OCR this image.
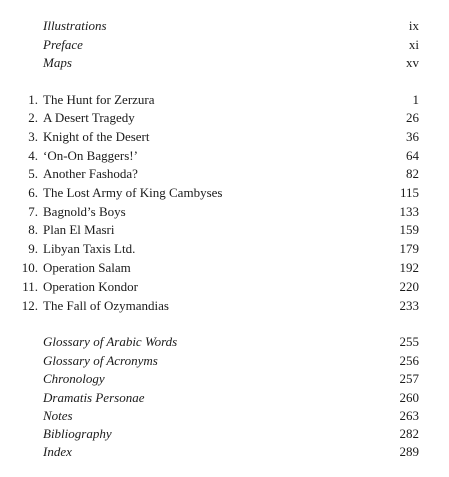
Illustrations	ix
Preface	xi
Maps	xv
1. The Hunt for Zerzura	1
2. A Desert Tragedy	26
3. Knight of the Desert	36
4. ‘On-On Baggers!’	64
5. Another Fashoda?	82
6. The Lost Army of King Cambyses	115
7. Bagnold’s Boys	133
8. Plan El Masri	159
9. Libyan Taxis Ltd.	179
10. Operation Salam	192
11. Operation Kondor	220
12. The Fall of Ozymandias	233
Glossary of Arabic Words	255
Glossary of Acronyms	256
Chronology	257
Dramatis Personae	260
Notes	263
Bibliography	282
Index	289
